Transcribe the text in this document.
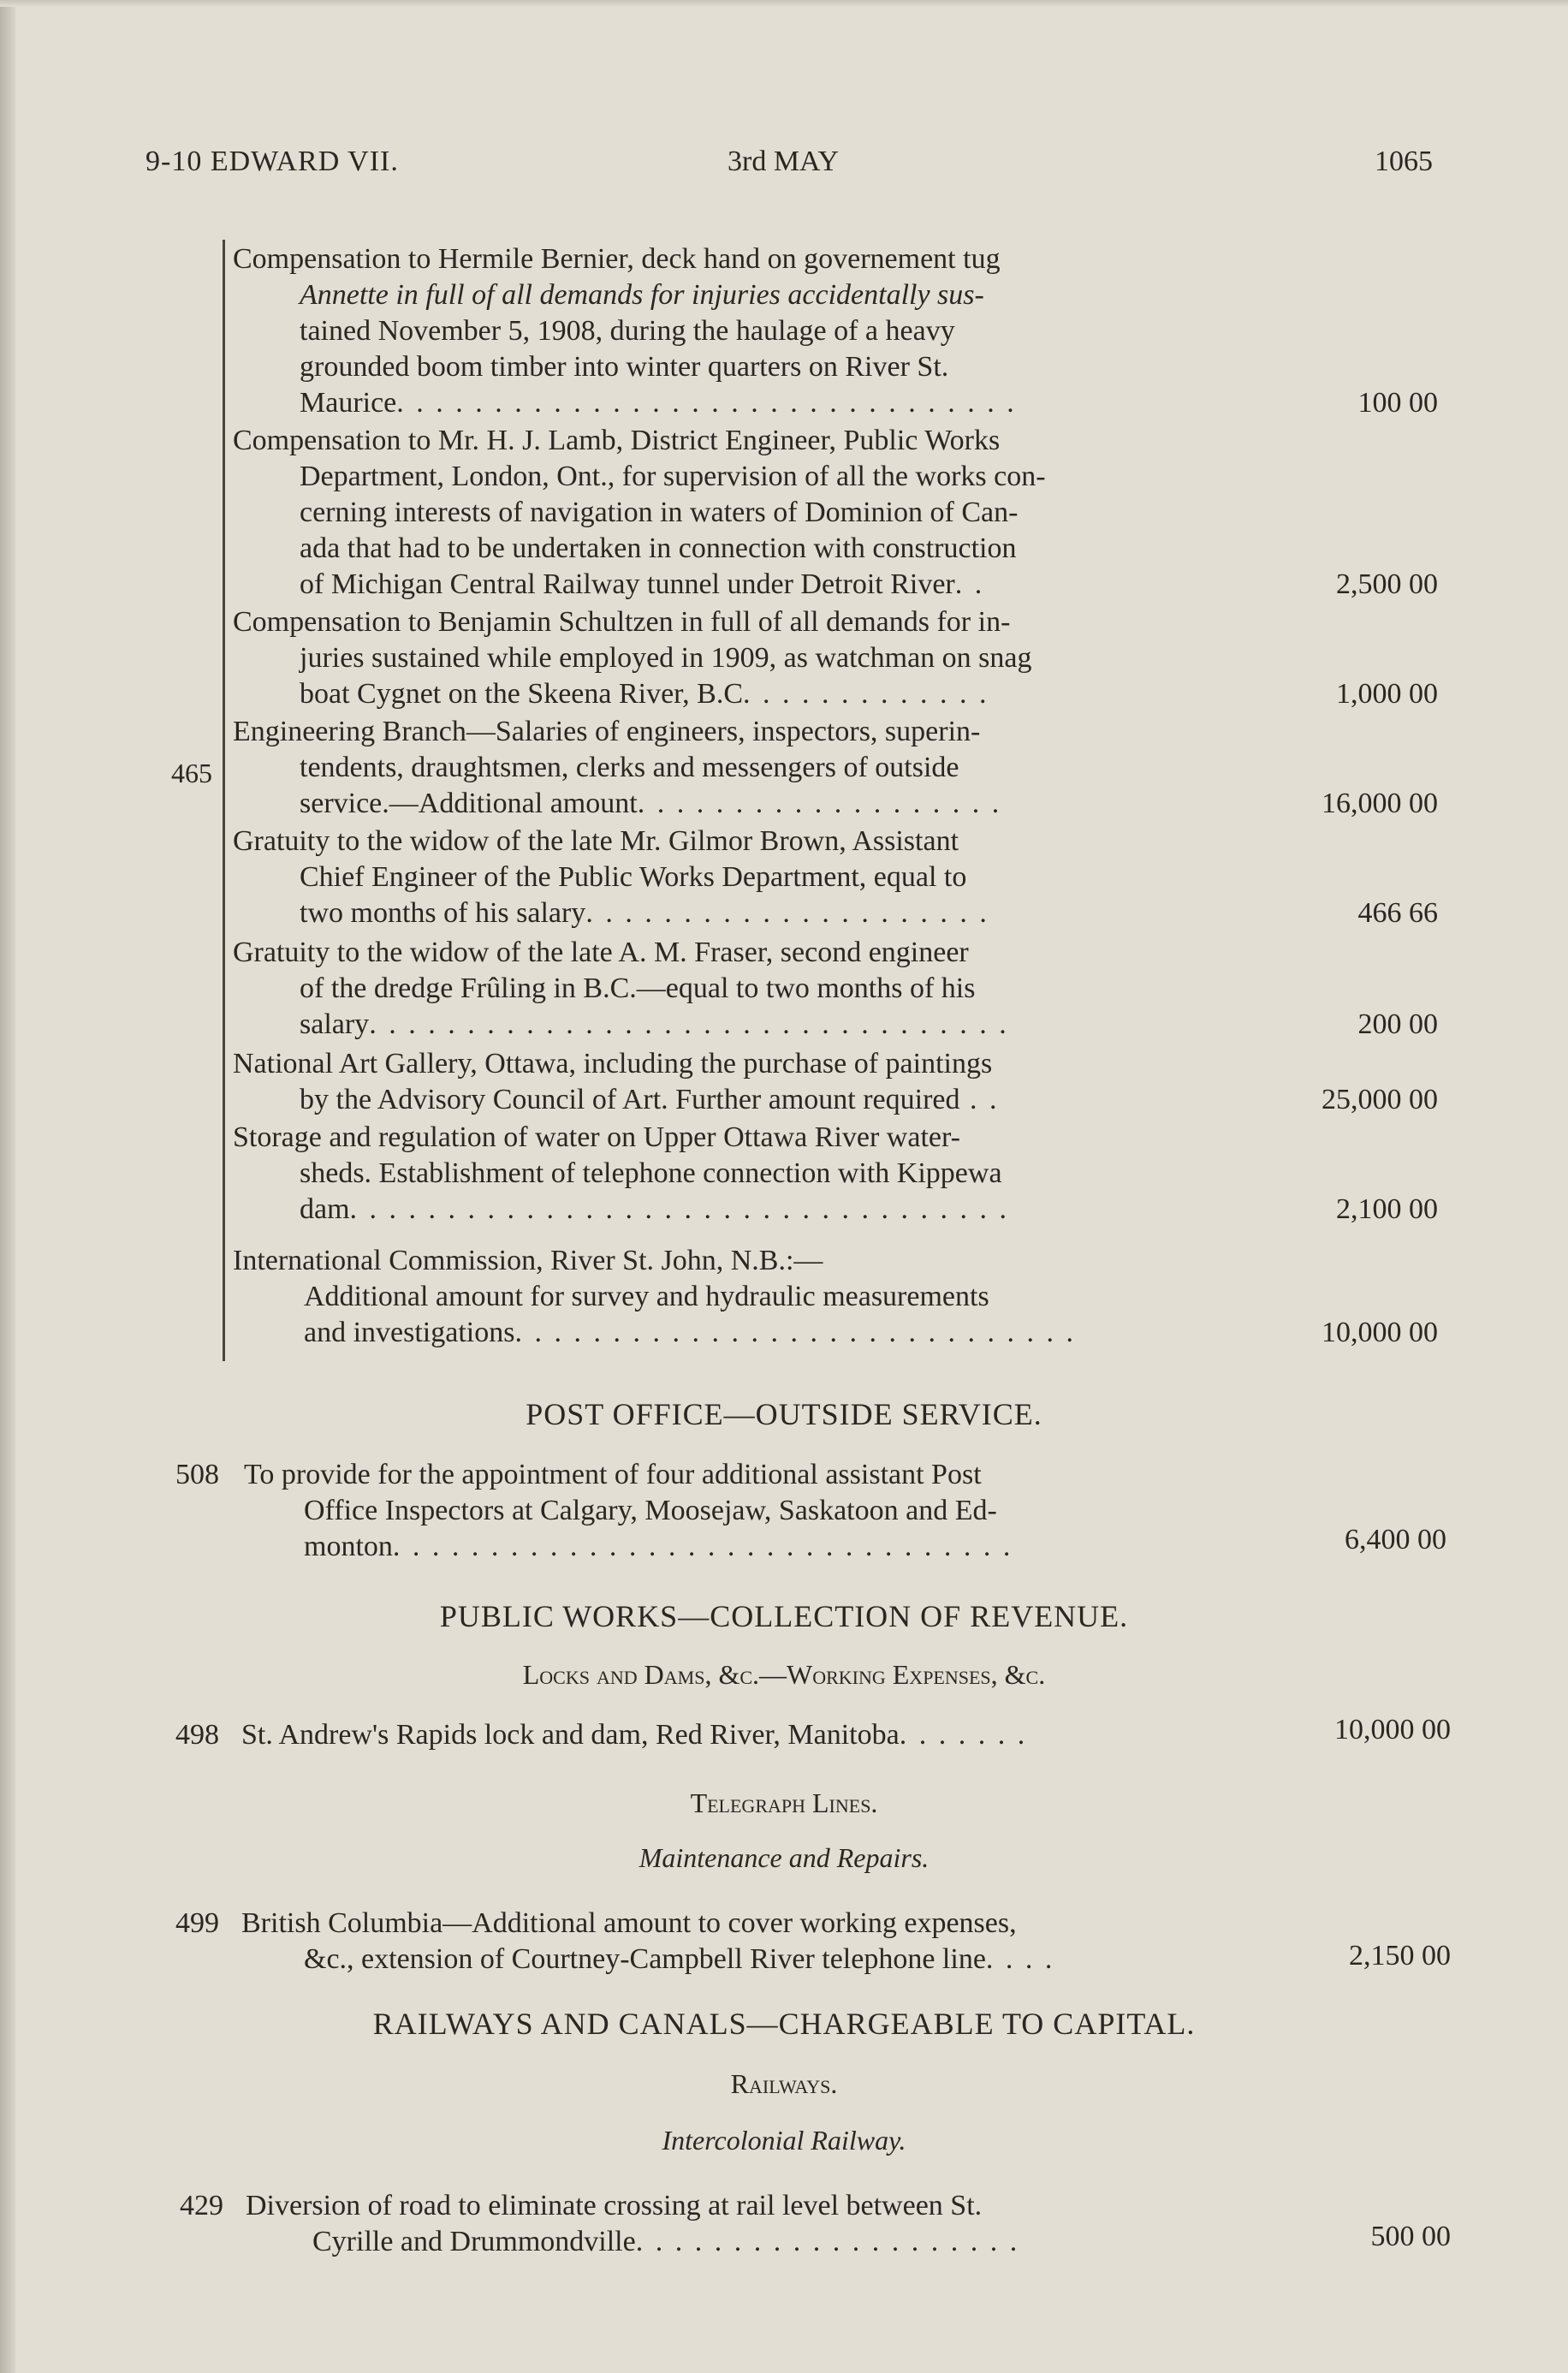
9-10 EDWARD VII.	3rd MAY	1065
465
Compensation to Hermile Bernier, deck hand on governement tug
Annette in full of all demands for injuries accidentally sus-
tained November 5, 1908, during the haulage of a heavy
grounded boom timber into winter quarters on River St.
Maurice. . . . . . . . . . . . . . . . . . . . . . . . . . . . . . . .	100 00
Compensation to Mr. H. J. Lamb, District Engineer, Public Works
Department, London, Ont., for supervision of all the works con-
cerning interests of navigation in waters of Dominion of Can-
ada that had to be undertaken in connection with construction
of Michigan Central Railway tunnel under Detroit River. .	2,500 00
Compensation to Benjamin Schultzen in full of all demands for in-
juries sustained while employed in 1909, as watchman on snag
boat Cygnet on the Skeena River, B.C. . . . . . . . . . . . .	1,000 00
Engineering Branch—Salaries of engineers, inspectors, superin-
tendents, draughtsmen, clerks and messengers of outside
service.—Additional amount. . . . . . . . . . . . . . . . . . .	16,000 00
Gratuity to the widow of the late Mr. Gilmor Brown, Assistant
Chief Engineer of the Public Works Department, equal to
two months of his salary. . . . . . . . . . . . . . . . . . . . .	466 66
Gratuity to the widow of the late A. M. Fraser, second engineer
of the dredge Frûling in B.C.—equal to two months of his
salary. . . . . . . . . . . . . . . . . . . . . . . . . . . . . . . . .	200 00
National Art Gallery, Ottawa, including the purchase of paintings
by the Advisory Council of Art. Further amount required . .	25,000 00
Storage and regulation of water on Upper Ottawa River water-
sheds. Establishment of telephone connection with Kippewa
dam. . . . . . . . . . . . . . . . . . . . . . . . . . . . . . . . . .	2,100 00
International Commission, River St. John, N.B.:—
Additional amount for survey and hydraulic measurements
and investigations. . . . . . . . . . . . . . . . . . . . . . . . . . . . .	10,000 00
POST OFFICE—OUTSIDE SERVICE.
508 To provide for the appointment of four additional assistant Post
Office Inspectors at Calgary, Moosejaw, Saskatoon and Ed-
monton. . . . . . . . . . . . . . . . . . . . . . . . . . . . . . . .	6,400 00
PUBLIC WORKS—COLLECTION OF REVENUE.
Locks and Dams, &c.—Working Expenses, &c.
498 St. Andrew's Rapids lock and dam, Red River, Manitoba. . . . . . .	10,000 00
Telegraph Lines.
Maintenance and Repairs.
499 British Columbia—Additional amount to cover working expenses,
&c., extension of Courtney-Campbell River telephone line. . . .	2,150 00
RAILWAYS AND CANALS—CHARGEABLE TO CAPITAL.
Railways.
Intercolonial Railway.
429 Diversion of road to eliminate crossing at rail level between St.
Cyrille and Drummondville. . . . . . . . . . . . . . . . . . . .	500 00
